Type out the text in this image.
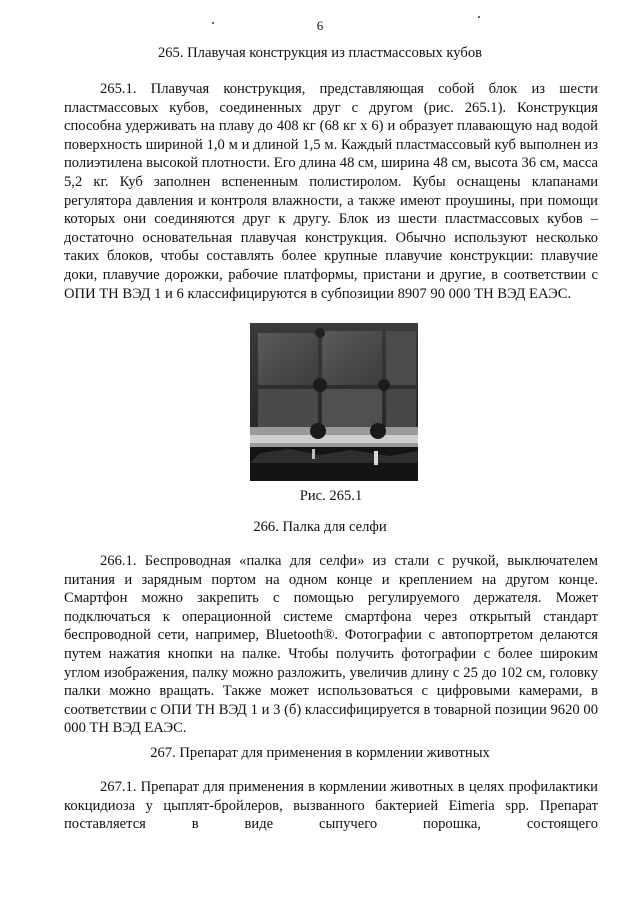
6
265. Плавучая конструкция из пластмассовых кубов

265.1. Плавучая конструкция, представляющая собой блок из шести пластмассовых кубов, соединенных друг с другом (рис. 265.1). Конструкция способна удерживать на плаву до 408 кг (68 кг х 6) и образует плавающую над водой поверхность шириной 1,0 м и длиной 1,5 м. Каждый пластмассовый куб выполнен из полиэтилена высокой плотности. Его длина 48 см, ширина 48 см, высота 36 см, масса 5,2 кг. Куб заполнен вспененным полистиролом. Кубы оснащены клапанами регулятора давления и контроля влажности, а также имеют проушины, при помощи которых они соединяются друг к другу. Блок из шести пластмассовых кубов – достаточно основательная плавучая конструкция. Обычно используют несколько таких блоков, чтобы составлять более крупные плавучие конструкции: плавучие доки, плавучие дорожки, рабочие платформы, пристани и другие, в соответствии с ОПИ ТН ВЭД 1 и 6 классифицируются в субпозиции 8907 90 000 ТН ВЭД ЕАЭС.

Рис. 265.1
266. Палка для селфи

266.1. Беспроводная «палка для селфи» из стали с ручкой, выключателем питания и зарядным портом на одном конце и креплением на другом конце. Смартфон можно закрепить с помощью регулируемого держателя. Может подключаться к операционной системе смартфона через открытый стандарт беспроводной сети, например, Bluetooth®. Фотографии с автопортретом делаются путем нажатия кнопки на палке. Чтобы получить фотографии с более широким углом изображения, палку можно разложить, увеличив длину с 25 до 102 см, головку палки можно вращать. Также может использоваться с цифровыми камерами, в соответствии с ОПИ ТН ВЭД 1 и 3 (б) классифицируется в товарной позиции 9620 00 000 ТН ВЭД ЕАЭС.

267. Препарат для применения в кормлении животных

267.1. Препарат для применения в кормлении животных в целях профилактики кокцидиоза у цыплят-бройлеров, вызванного бактерией Eimeria spp. Препарат поставляется в виде сыпучего порошка, состоящего
